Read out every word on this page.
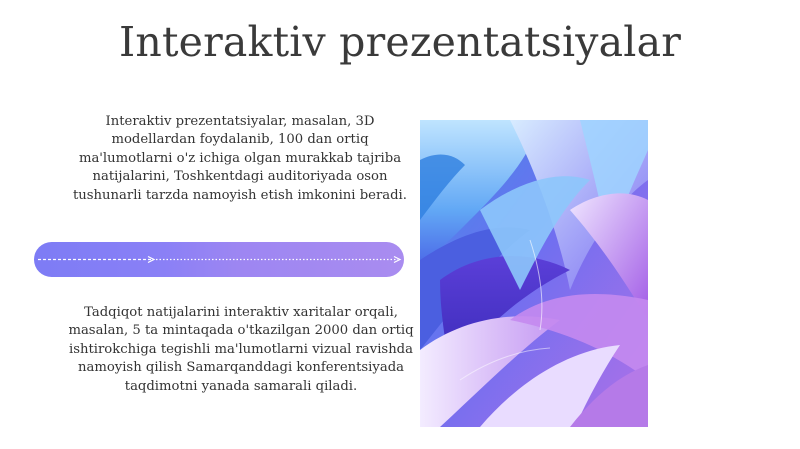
Interaktiv prezentatsiyalar

Interaktiv prezentatsiyalar, masalan, 3D modellardan foydalanib, 100 dan ortiq ma'lumotlarni o'z ichiga olgan murakkab tajriba natijalarini, Toshkentdagi auditoriyada oson tushunarli tarzda namoyish etish imkonini beradi.

Tadqiqot natijalarini interaktiv xaritalar orqali, masalan, 5 ta mintaqada o'tkazilgan 2000 dan ortiq ishtirokchiga tegishli ma'lumotlarni vizual ravishda namoyish qilish Samarqanddagi konferentsiyada taqdimotni yanada samarali qiladi.
